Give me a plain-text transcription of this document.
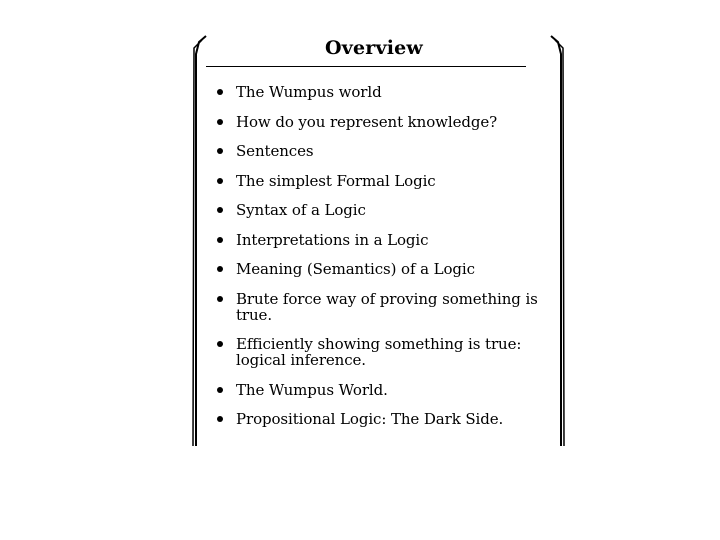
Overview
The Wumpus world
How do you represent knowledge?
Sentences
The simplest Formal Logic
Syntax of a Logic
Interpretations in a Logic
Meaning (Semantics) of a Logic
Brute force way of proving something is true.
Efficiently showing something is true: logical inference.
The Wumpus World.
Propositional Logic: The Dark Side.
